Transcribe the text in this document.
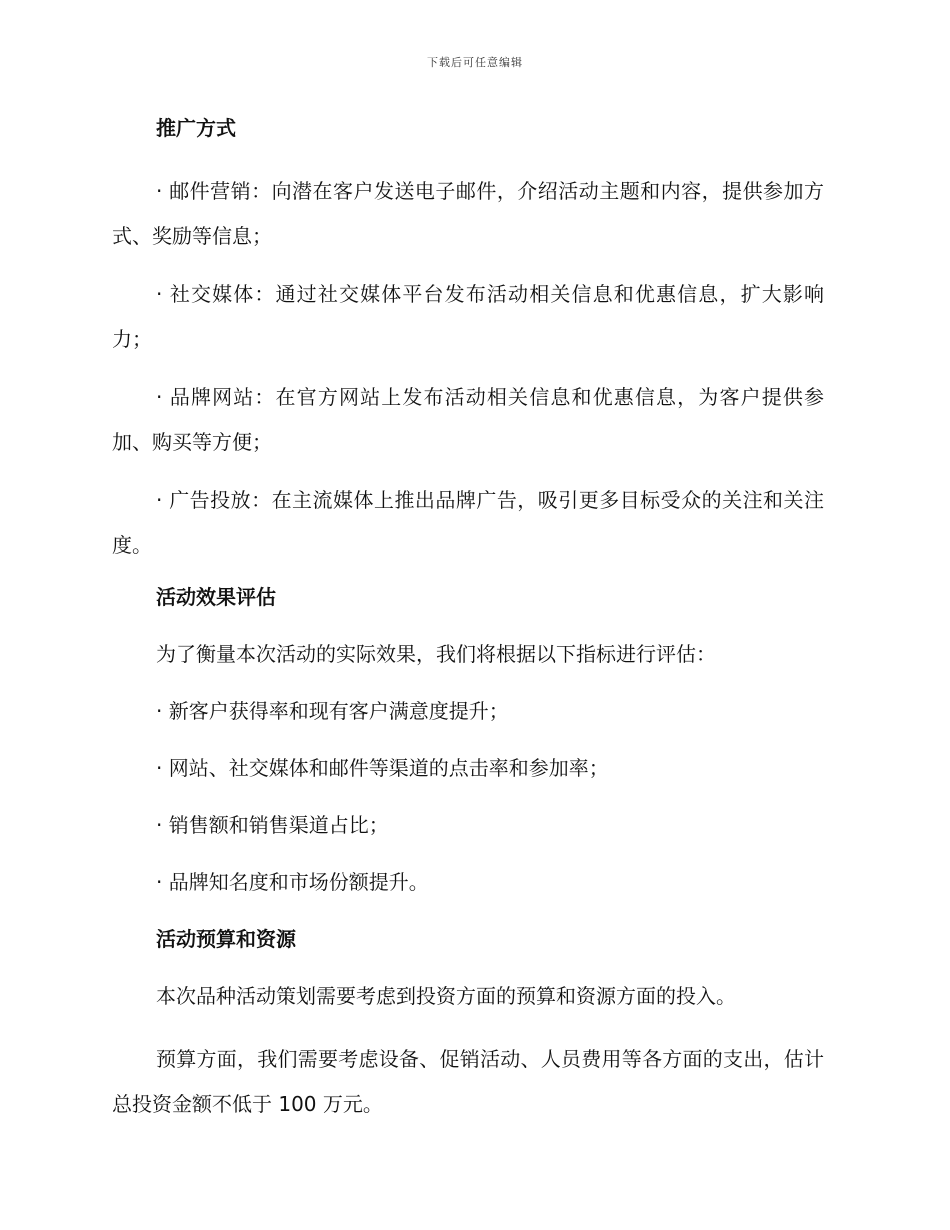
下载后可任意编辑
推广方式

· 邮件营销：向潜在客户发送电子邮件，介绍活动主题和内容，提供参加方式、奖励等信息；

· 社交媒体：通过社交媒体平台发布活动相关信息和优惠信息，扩大影响力；

· 品牌网站：在官方网站上发布活动相关信息和优惠信息，为客户提供参加、购买等方便；

· 广告投放：在主流媒体上推出品牌广告，吸引更多目标受众的关注和关注度。

活动效果评估

为了衡量本次活动的实际效果，我们将根据以下指标进行评估：

· 新客户获得率和现有客户满意度提升；

· 网站、社交媒体和邮件等渠道的点击率和参加率；

· 销售额和销售渠道占比；

· 品牌知名度和市场份额提升。

活动预算和资源

本次品种活动策划需要考虑到投资方面的预算和资源方面的投入。

预算方面，我们需要考虑设备、促销活动、人员费用等各方面的支出，估计总投资金额不低于 100 万元。
